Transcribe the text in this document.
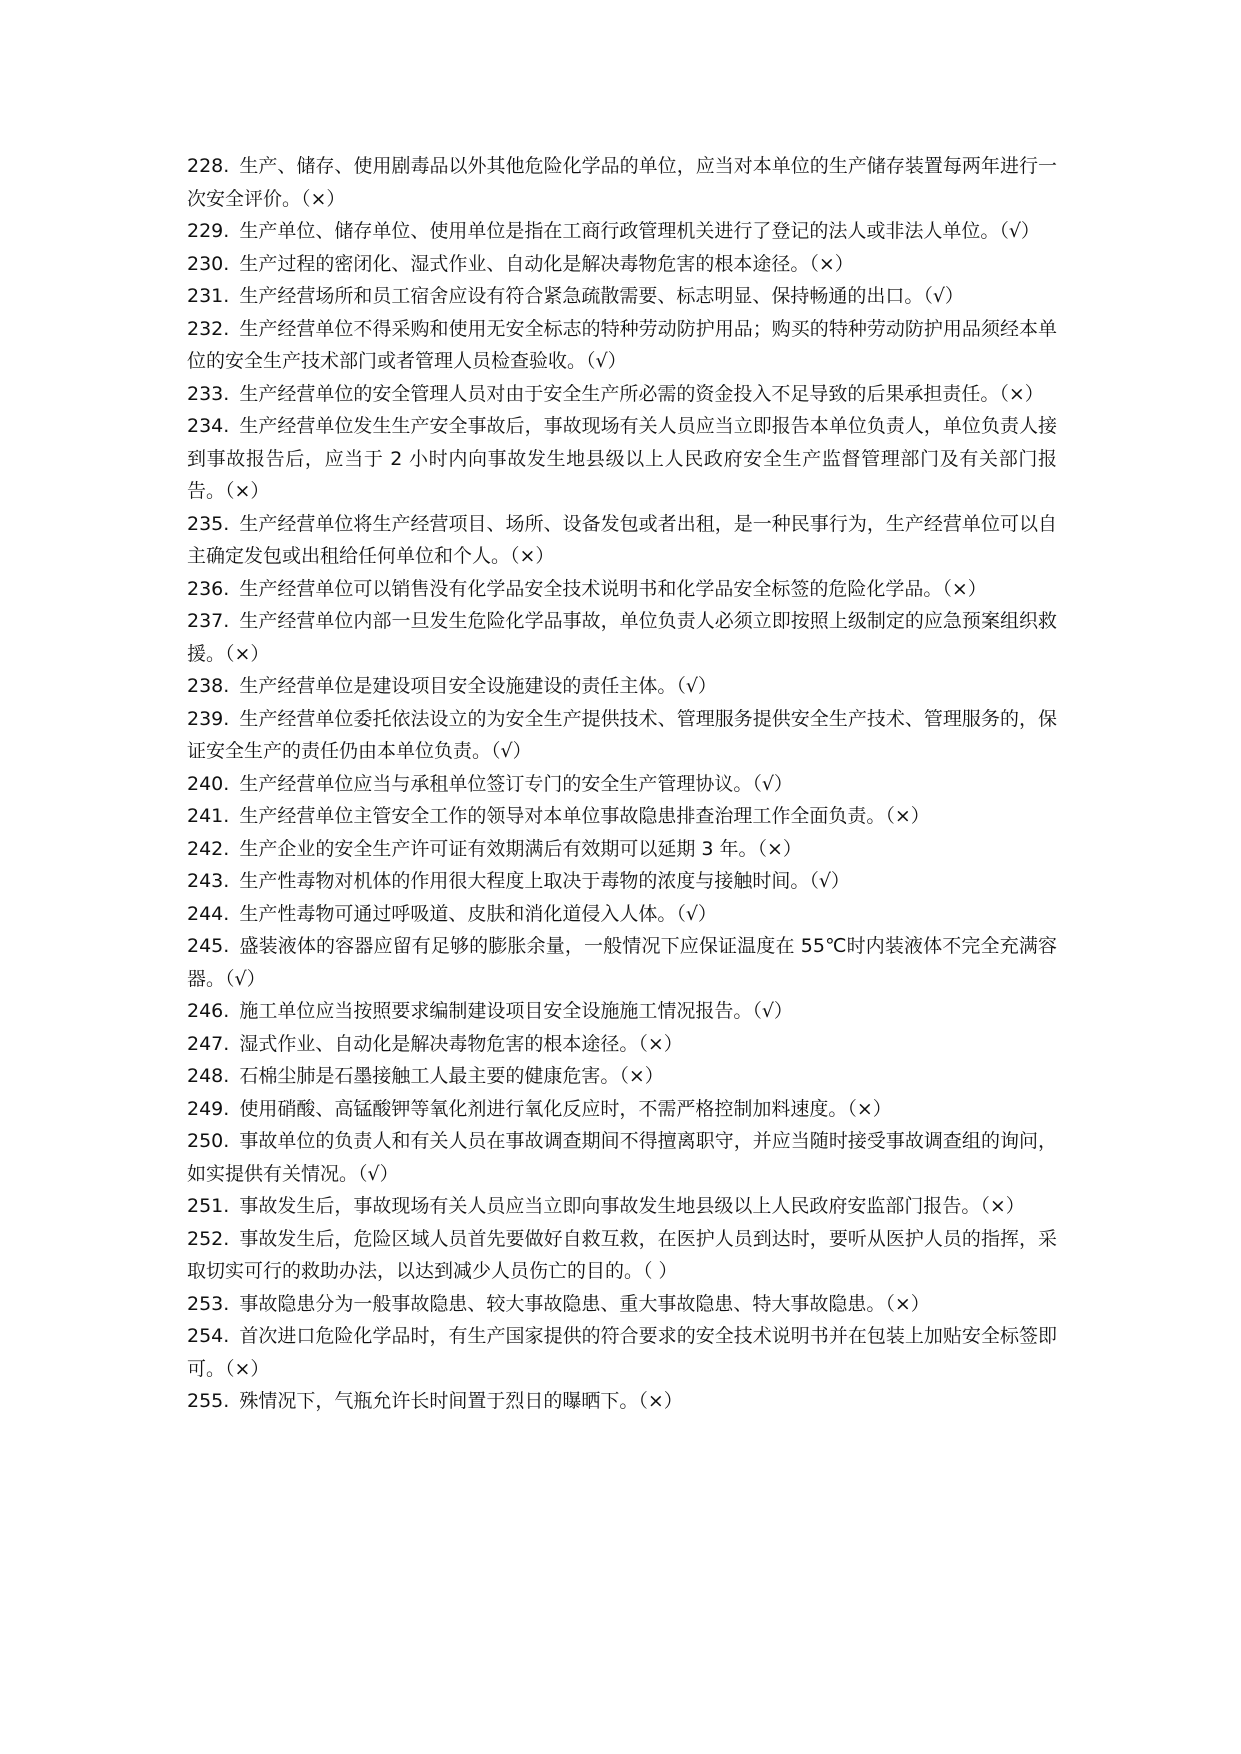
228. 生产、储存、使用剧毒品以外其他危险化学品的单位，应当对本单位的生产储存装置每两年进行一次安全评价。（×）

229. 生产单位、储存单位、使用单位是指在工商行政管理机关进行了登记的法人或非法人单位。（√）

230. 生产过程的密闭化、湿式作业、自动化是解决毒物危害的根本途径。（×）

231. 生产经营场所和员工宿舍应设有符合紧急疏散需要、标志明显、保持畅通的出口。（√）

232. 生产经营单位不得采购和使用无安全标志的特种劳动防护用品；购买的特种劳动防护用品须经本单位的安全生产技术部门或者管理人员检查验收。（√）

233. 生产经营单位的安全管理人员对由于安全生产所必需的资金投入不足导致的后果承担责任。（×）

234. 生产经营单位发生生产安全事故后，事故现场有关人员应当立即报告本单位负责人，单位负责人接到事故报告后，应当于 2 小时内向事故发生地县级以上人民政府安全生产监督管理部门及有关部门报告。（×）

235. 生产经营单位将生产经营项目、场所、设备发包或者出租，是一种民事行为，生产经营单位可以自主确定发包或出租给任何单位和个人。（×）

236. 生产经营单位可以销售没有化学品安全技术说明书和化学品安全标签的危险化学品。（×）

237. 生产经营单位内部一旦发生危险化学品事故，单位负责人必须立即按照上级制定的应急预案组织救援。（×）

238. 生产经营单位是建设项目安全设施建设的责任主体。（√）

239. 生产经营单位委托依法设立的为安全生产提供技术、管理服务提供安全生产技术、管理服务的，保证安全生产的责任仍由本单位负责。（√）

240. 生产经营单位应当与承租单位签订专门的安全生产管理协议。（√）

241. 生产经营单位主管安全工作的领导对本单位事故隐患排查治理工作全面负责。（×）

242. 生产企业的安全生产许可证有效期满后有效期可以延期 3 年。（×）

243. 生产性毒物对机体的作用很大程度上取决于毒物的浓度与接触时间。（√）

244. 生产性毒物可通过呼吸道、皮肤和消化道侵入人体。（√）

245. 盛装液体的容器应留有足够的膨胀余量，一般情况下应保证温度在 55℃时内装液体不完全充满容器。（√）

246. 施工单位应当按照要求编制建设项目安全设施施工情况报告。（√）

247. 湿式作业、自动化是解决毒物危害的根本途径。（×）

248. 石棉尘肺是石墨接触工人最主要的健康危害。（×）

249. 使用硝酸、高锰酸钾等氧化剂进行氧化反应时，不需严格控制加料速度。（×）

250. 事故单位的负责人和有关人员在事故调查期间不得擅离职守，并应当随时接受事故调查组的询问，如实提供有关情况。（√）

251. 事故发生后，事故现场有关人员应当立即向事故发生地县级以上人民政府安监部门报告。（×）

252. 事故发生后，危险区域人员首先要做好自救互救，在医护人员到达时，要听从医护人员的指挥，采取切实可行的救助办法，以达到减少人员伤亡的目的。（ ）

253. 事故隐患分为一般事故隐患、较大事故隐患、重大事故隐患、特大事故隐患。（×）

254. 首次进口危险化学品时，有生产国家提供的符合要求的安全技术说明书并在包装上加贴安全标签即可。（×）

255. 殊情况下，气瓶允许长时间置于烈日的曝晒下。（×）
